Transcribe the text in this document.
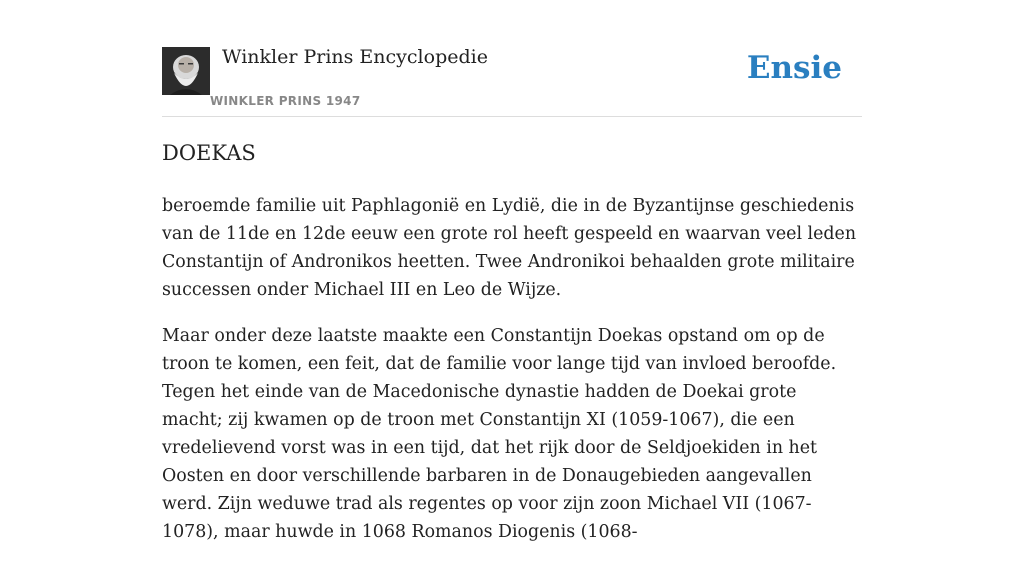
Winkler Prins Encyclopedie
WINKLER PRINS 1947
Ensie
DOEKAS

beroemde familie uit Paphlagonië en Lydië, die in de Byzantijnse geschiedenis van de 11de en 12de eeuw een grote rol heeft gespeeld en waarvan veel leden Constantijn of Andronikos heetten. Twee Andronikoi behaalden grote militaire successen onder Michael III en Leo de Wijze.

Maar onder deze laatste maakte een Constantijn Doekas opstand om op de troon te komen, een feit, dat de familie voor lange tijd van invloed beroofde. Tegen het einde van de Macedonische dynastie hadden de Doekai grote macht; zij kwamen op de troon met Constantijn XI (1059-1067), die een vredelievend vorst was in een tijd, dat het rijk door de Seldjoekiden in het Oosten en door verschillende barbaren in de Donaugebieden aangevallen werd. Zijn weduwe trad als regentes op voor zijn zoon Michael VII (1067-1078), maar huwde in 1068 Romanos Diogenis (1068-
